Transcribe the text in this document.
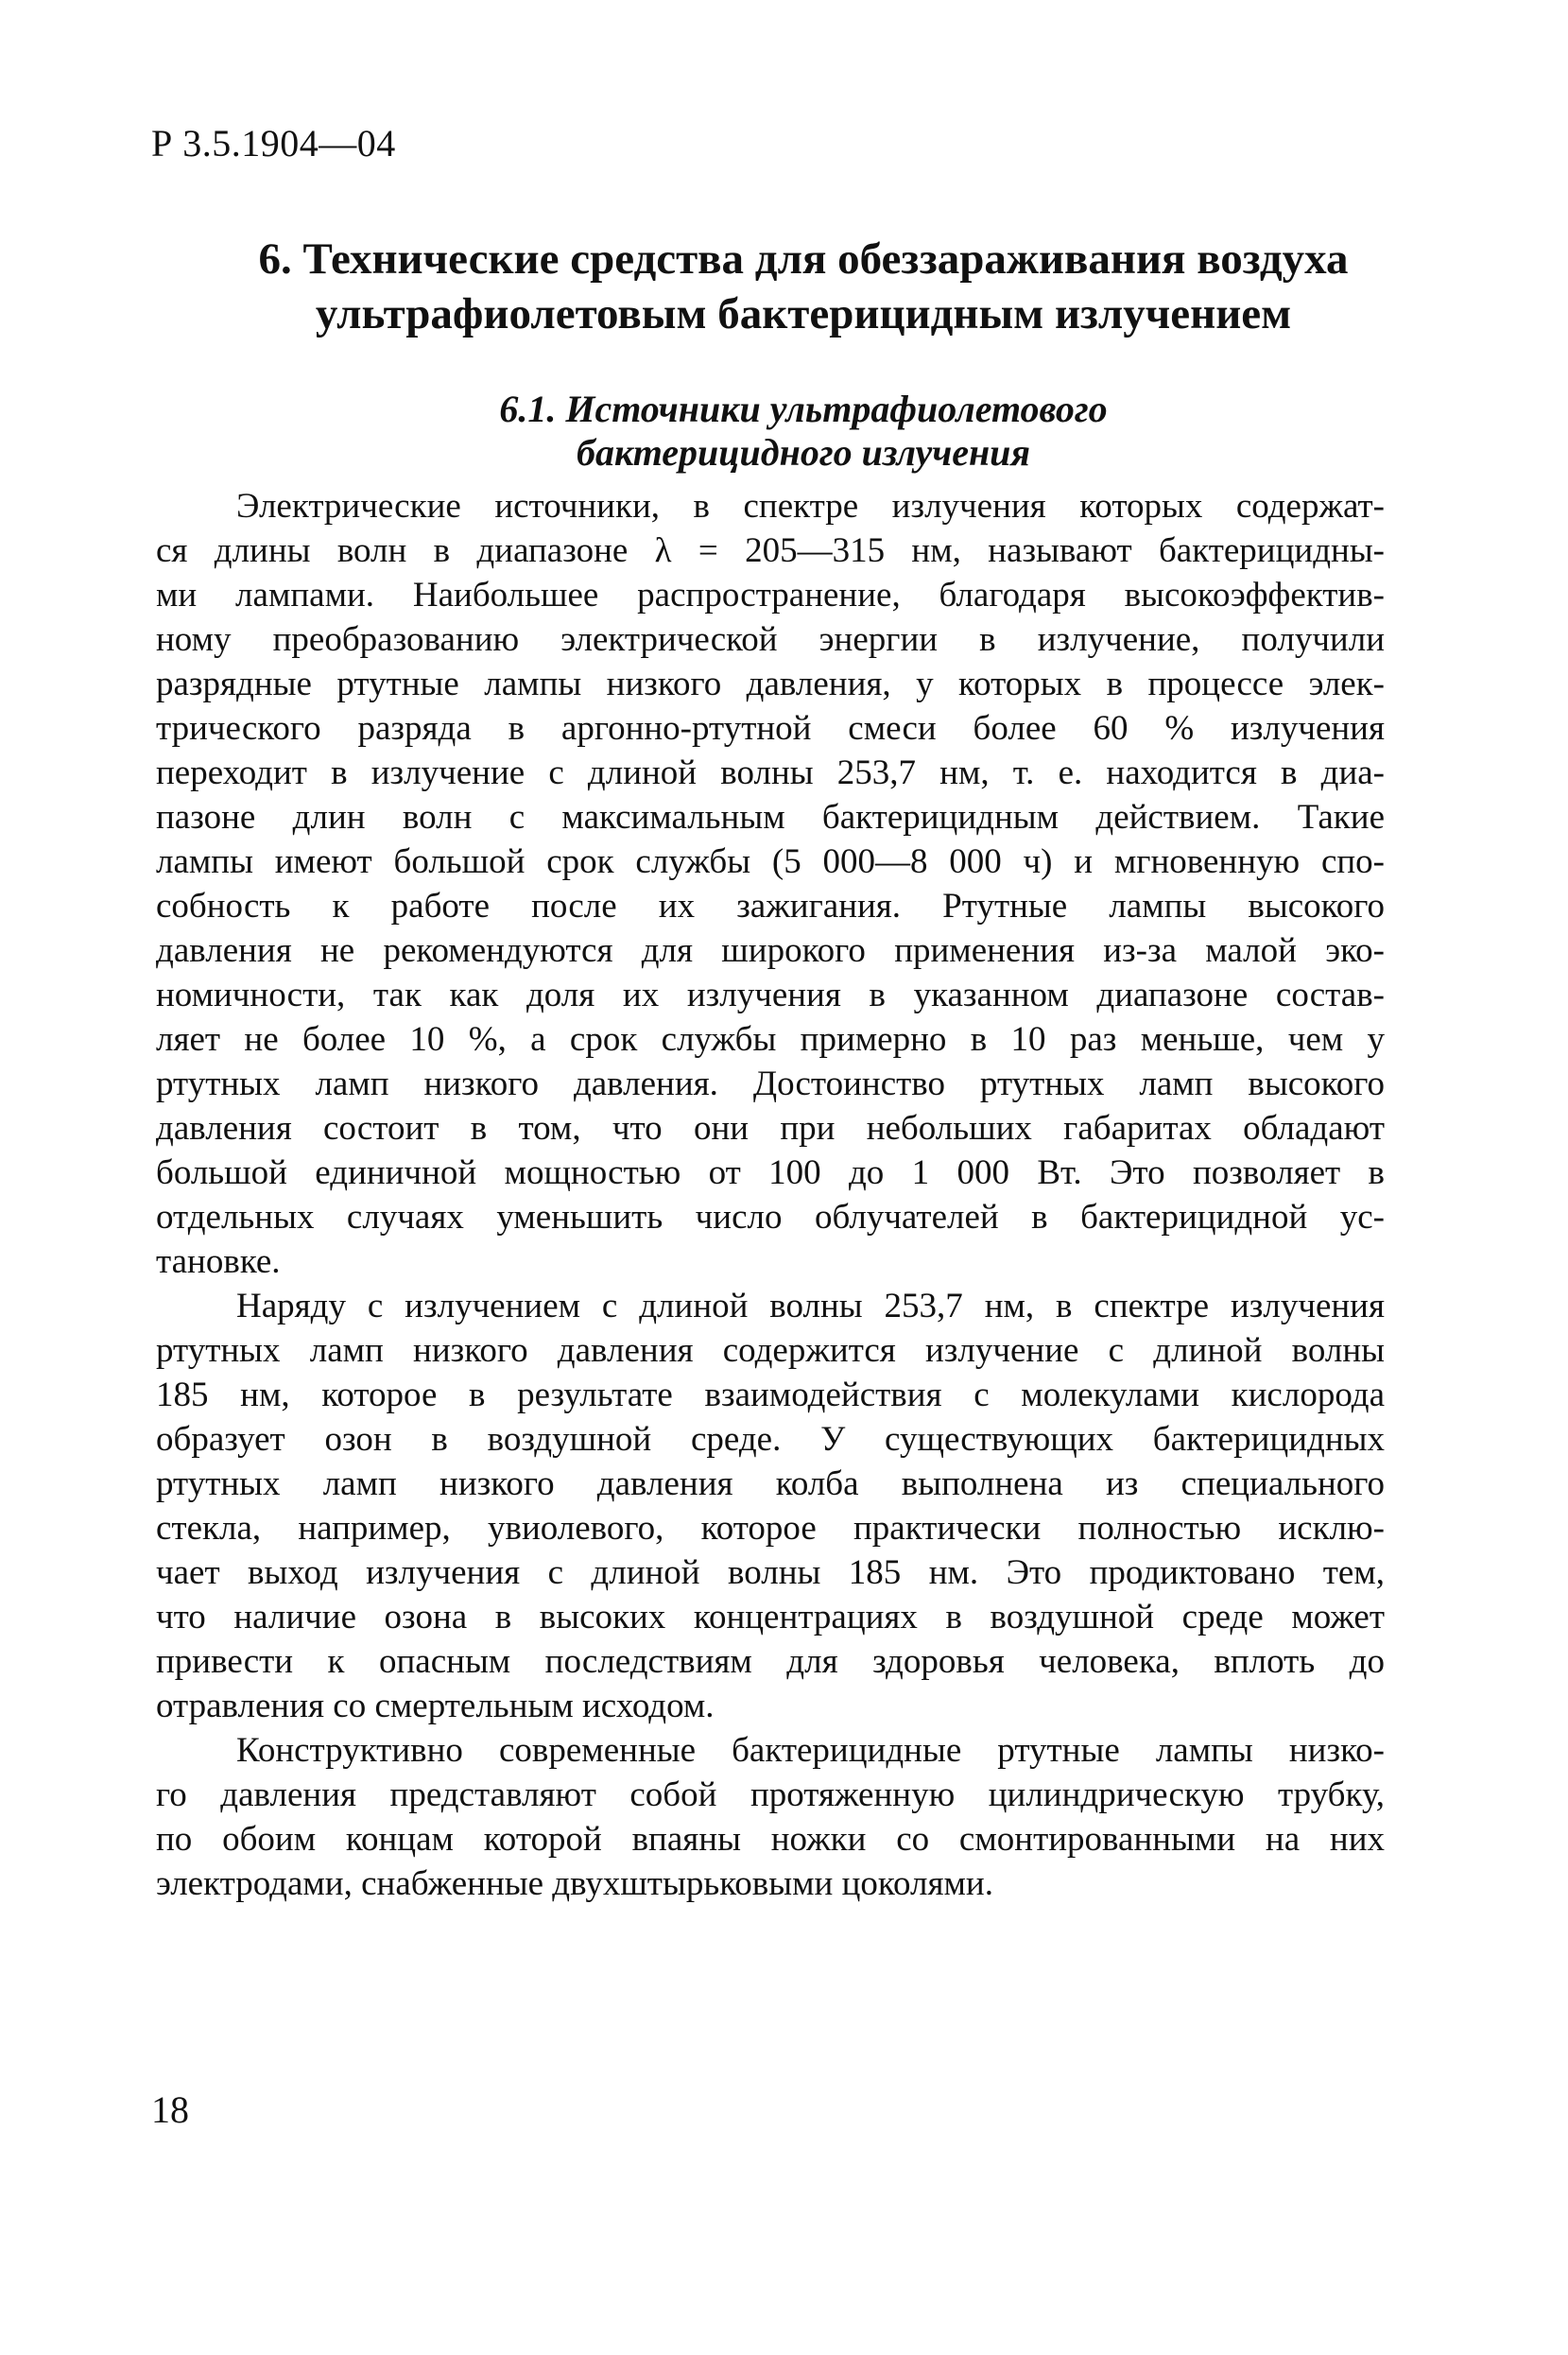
Р 3.5.1904—04
6. Технические средства для обеззараживания воздуха
ультрафиолетовым бактерицидным излучением
6.1. Источники ультрафиолетового
бактерицидного излучения

Электрические источники, в спектре излучения которых содержат-
ся длины волн в диапазоне λ = 205—315 нм, называют бактерицидны-
ми лампами. Наибольшее распространение, благодаря высокоэффектив-
ному преобразованию электрической энергии в излучение, получили
разрядные ртутные лампы низкого давления, у которых в процессе элек-
трического разряда в аргонно-ртутной смеси более 60 % излучения
переходит в излучение с длиной волны 253,7 нм, т. е. находится в диа-
пазоне длин волн с максимальным бактерицидным действием. Такие
лампы имеют большой срок службы (5 000—8 000 ч) и мгновенную спо-
собность к работе после их зажигания. Ртутные лампы высокого
давления не рекомендуются для широкого применения из-за малой эко-
номичности, так как доля их излучения в указанном диапазоне состав-
ляет не более 10 %, а срок службы примерно в 10 раз меньше, чем у
ртутных ламп низкого давления. Достоинство ртутных ламп высокого
давления состоит в том, что они при небольших габаритах обладают
большой единичной мощностью от 100 до 1 000 Вт. Это позволяет в
отдельных случаях уменьшить число облучателей в бактерицидной ус-
тановке.

Наряду с излучением с длиной волны 253,7 нм, в спектре излучения
ртутных ламп низкого давления содержится излучение с длиной волны
185 нм, которое в результате взаимодействия с молекулами кислорода
образует озон в воздушной среде. У существующих бактерицидных
ртутных ламп низкого давления колба выполнена из специального
стекла, например, увиолевого, которое практически полностью исклю-
чает выход излучения с длиной волны 185 нм. Это продиктовано тем,
что наличие озона в высоких концентрациях в воздушной среде может
привести к опасным последствиям для здоровья человека, вплоть до
отравления со смертельным исходом.

Конструктивно современные бактерицидные ртутные лампы низко-
го давления представляют собой протяженную цилиндрическую трубку,
по обоим концам которой впаяны ножки со смонтированными на них
электродами, снабженные двухштырьковыми цоколями.

18
